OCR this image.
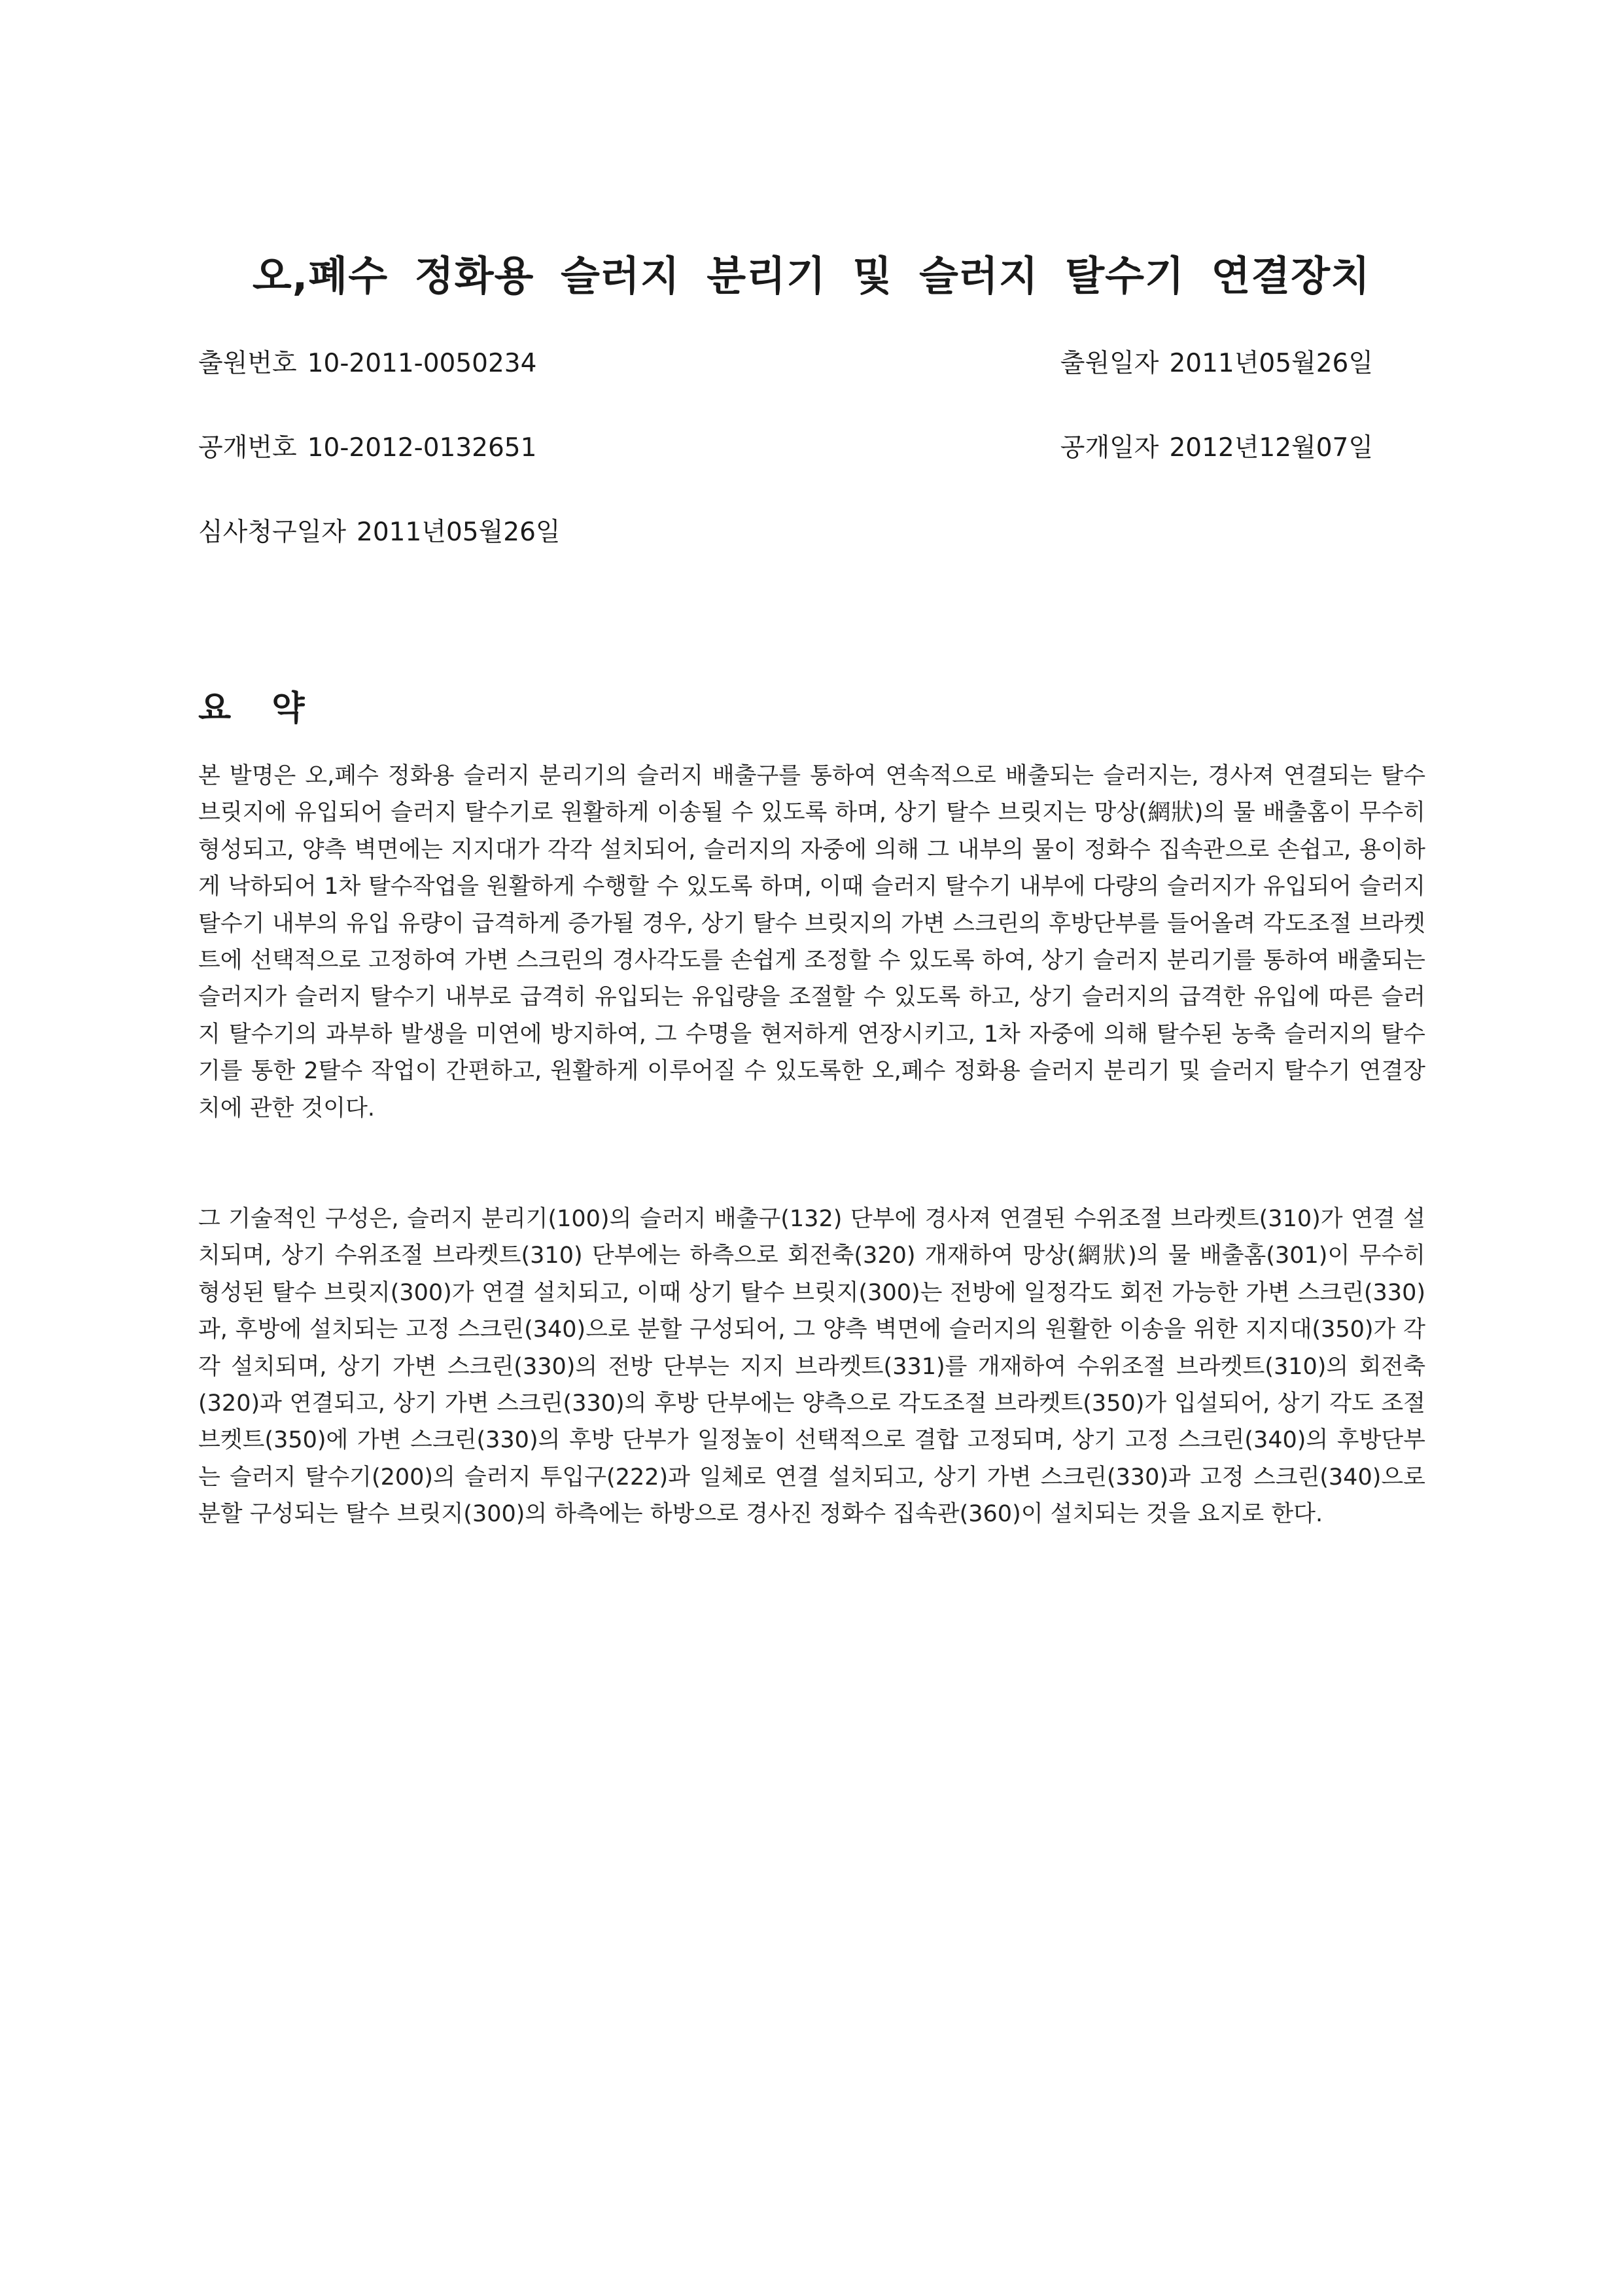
오,폐수 정화용 슬러지 분리기 및 슬러지 탈수기 연결장치
출원번호 10-2011-0050234	출원일자 2011년05월26일
공개번호 10-2012-0132651	공개일자 2012년12월07일
심사청구일자 2011년05월26일
요 약

본 발명은 오,폐수 정화용 슬러지 분리기의 슬러지 배출구를 통하여 연속적으로 배출되는 슬러지는, 경사져 연결되는 탈수 브릿지에 유입되어 슬러지 탈수기로 원활하게 이송될 수 있도록 하며, 상기 탈수 브릿지는 망상(網狀)의 물 배출홈이 무수히 형성되고, 양측 벽면에는 지지대가 각각 설치되어, 슬러지의 자중에 의해 그 내부의 물이 정화수 집속관으로 손쉽고, 용이하게 낙하되어 1차 탈수작업을 원활하게 수행할 수 있도록 하며, 이때 슬러지 탈수기 내부에 다량의 슬러지가 유입되어 슬러지 탈수기 내부의 유입 유량이 급격하게 증가될 경우, 상기 탈수 브릿지의 가변 스크린의 후방단부를 들어올려 각도조절 브라켓트에 선택적으로 고정하여 가변 스크린의 경사각도를 손쉽게 조정할 수 있도록 하여, 상기 슬러지 분리기를 통하여 배출되는 슬러지가 슬러지 탈수기 내부로 급격히 유입되는 유입량을 조절할 수 있도록 하고, 상기 슬러지의 급격한 유입에 따른 슬러지 탈수기의 과부하 발생을 미연에 방지하여, 그 수명을 현저하게 연장시키고, 1차 자중에 의해 탈수된 농축 슬러지의 탈수기를 통한 2탈수 작업이 간편하고, 원활하게 이루어질 수 있도록한 오,폐수 정화용 슬러지 분리기 및 슬러지 탈수기 연결장치에 관한 것이다.

그 기술적인 구성은, 슬러지 분리기(100)의 슬러지 배출구(132) 단부에 경사져 연결된 수위조절 브라켓트(310)가 연결 설치되며, 상기 수위조절 브라켓트(310) 단부에는 하측으로 회전축(320) 개재하여 망상(網狀)의 물 배출홈(301)이 무수히 형성된 탈수 브릿지(300)가 연결 설치되고, 이때 상기 탈수 브릿지(300)는 전방에 일정각도 회전 가능한 가변 스크린(330)과, 후방에 설치되는 고정 스크린(340)으로 분할 구성되어, 그 양측 벽면에 슬러지의 원활한 이송을 위한 지지대(350)가 각각 설치되며, 상기 가변 스크린(330)의 전방 단부는 지지 브라켓트(331)를 개재하여 수위조절 브라켓트(310)의 회전축(320)과 연결되고, 상기 가변 스크린(330)의 후방 단부에는 양측으로 각도조절 브라켓트(350)가 입설되어, 상기 각도 조절브켓트(350)에 가변 스크린(330)의 후방 단부가 일정높이 선택적으로 결합 고정되며, 상기 고정 스크린(340)의 후방단부는 슬러지 탈수기(200)의 슬러지 투입구(222)과 일체로 연결 설치되고, 상기 가변 스크린(330)과 고정 스크린(340)으로 분할 구성되는 탈수 브릿지(300)의 하측에는 하방으로 경사진 정화수 집속관(360)이 설치되는 것을 요지로 한다.
